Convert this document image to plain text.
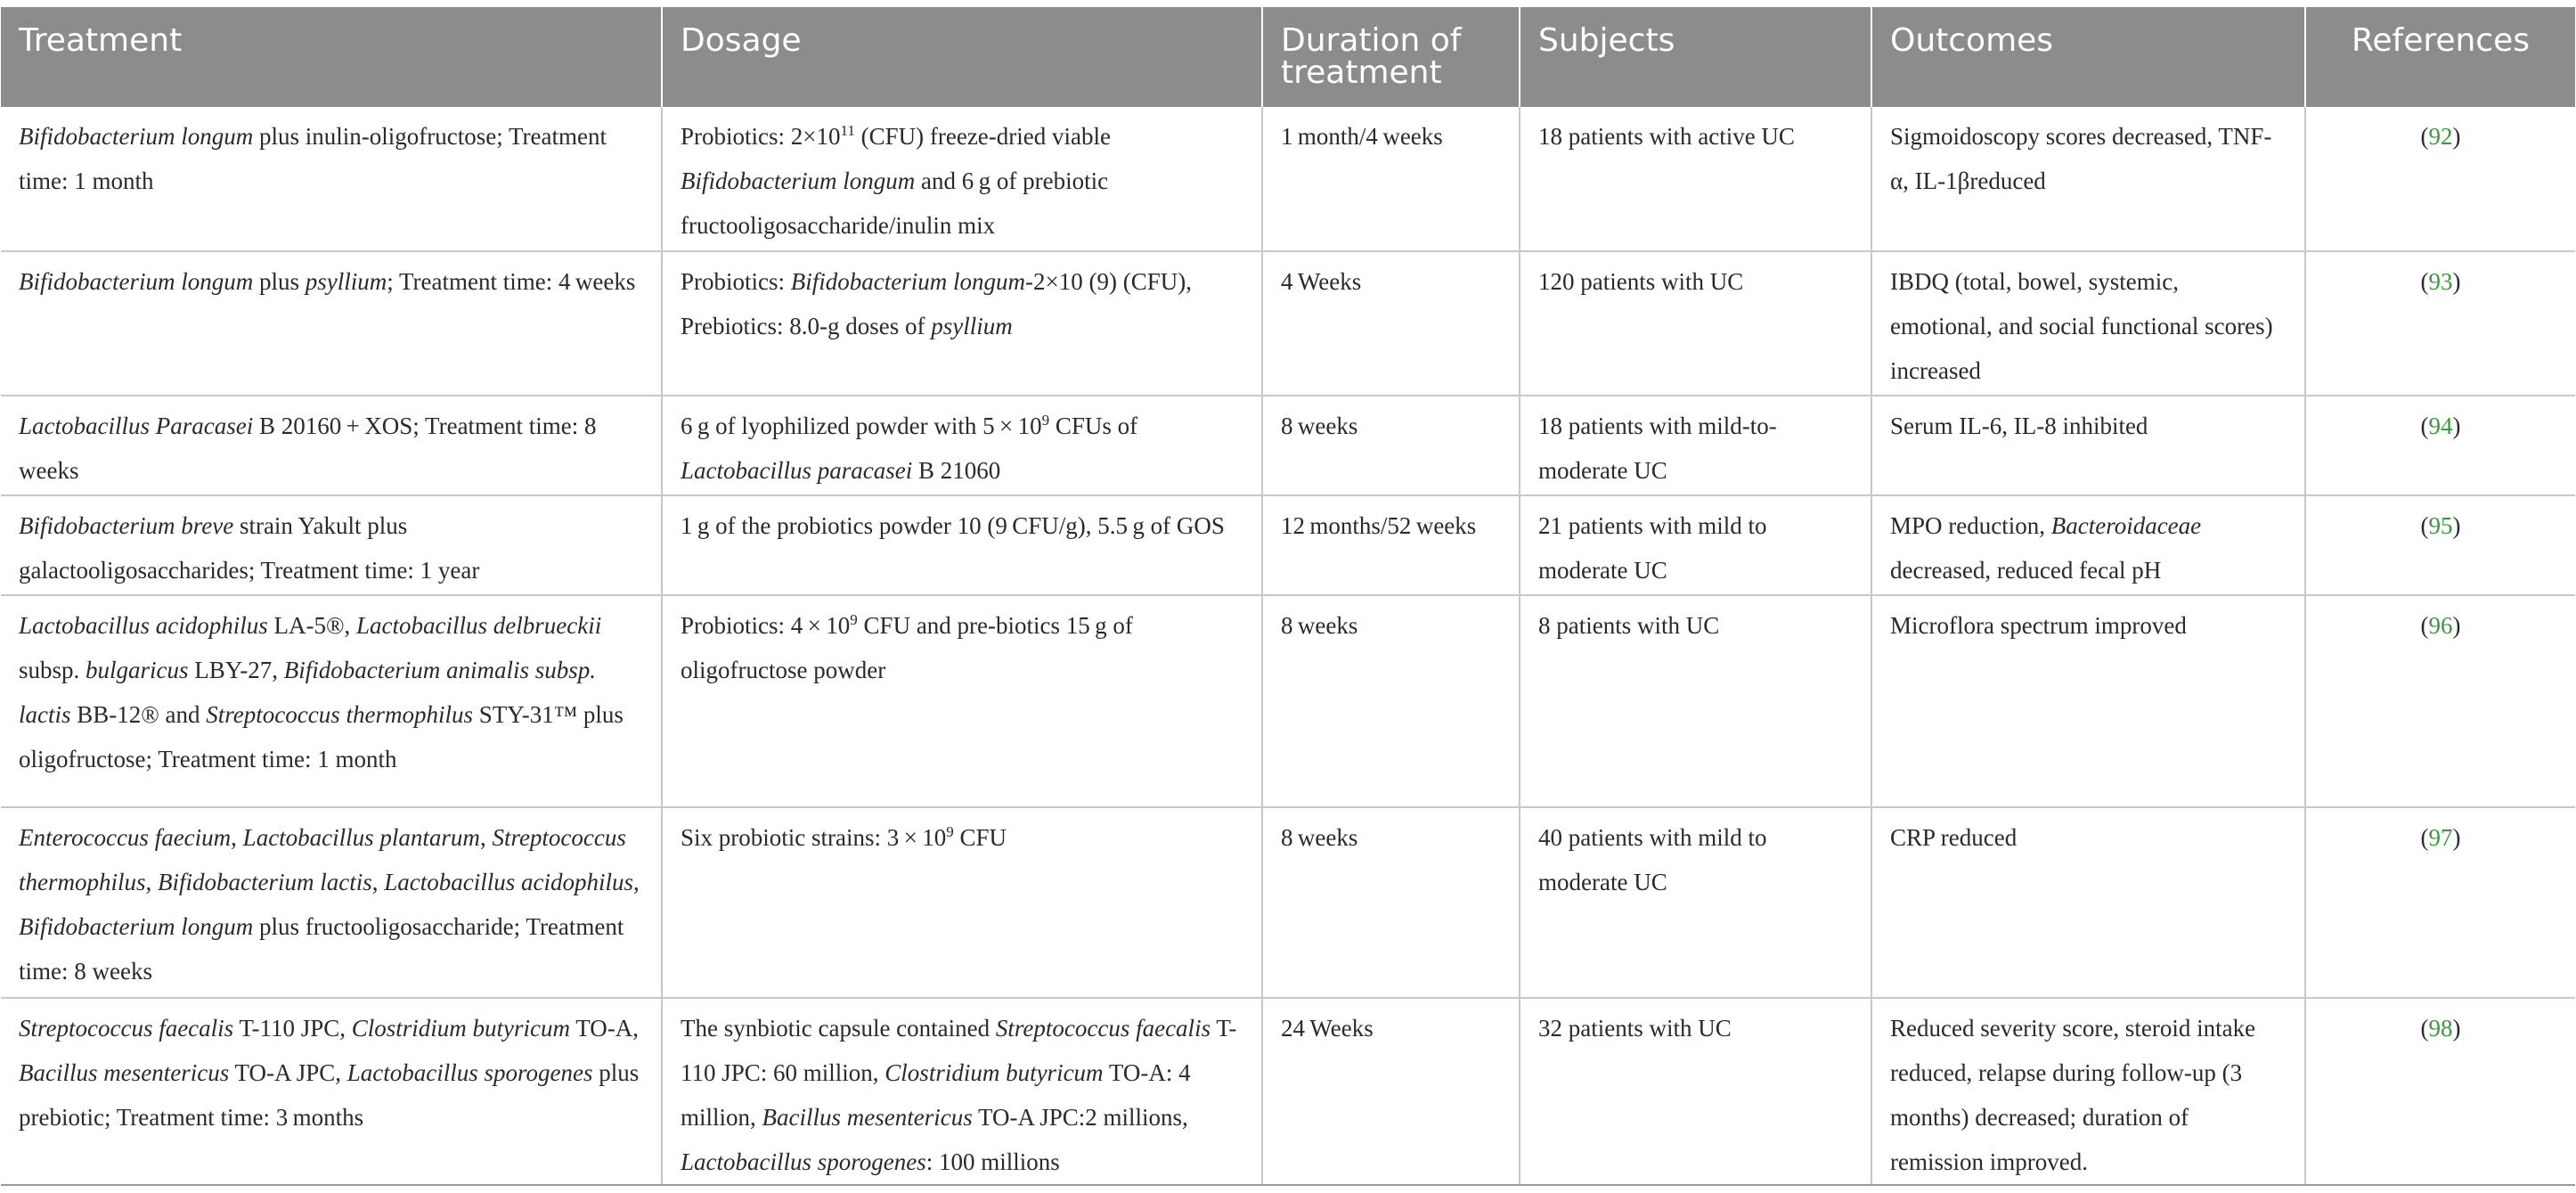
Treatment	Dosage	Duration of treatment	Subjects	Outcomes	References
Bifidobacterium longum plus inulin-oligofructose; Treatment time: 1 month	Probiotics: $2\times 10^{11}$ (CFU) freeze-dried viable Bifidobacterium longum and 6 g of prebiotic fructooligosaccharide/inulin mix	1 month/4 weeks	18 patients with active UC	Sigmoidoscopy scores decreased, TNF-α, IL-1βreduced	(92)
Bifidobacterium longum plus psyllium; Treatment time: 4 weeks	Probiotics: Bifidobacterium longum-2×10 (9) (CFU), Prebiotics: 8.0-g doses of psyllium	4 Weeks	120 patients with UC	IBDQ (total, bowel, systemic, emotional, and social functional scores) increased	(93)
Lactobacillus Paracasei B 20160 + XOS; Treatment time: 8 weeks	6 g of lyophilized powder with $5 \times 10^9$ CFUs of Lactobacillus paracasei B 21060	8 weeks	18 patients with mild-to-moderate UC	Serum IL-6, IL-8 inhibited	(94)
Bifidobacterium breve strain Yakult plus galactooligosaccharides; Treatment time: 1 year	1 g of the probiotics powder 10 (9 CFU/g), 5.5 g of GOS	12 months/52 weeks	21 patients with mild to moderate UC	MPO reduction, Bacteroidaceae decreased, reduced fecal pH	(95)
Lactobacillus acidophilus LA-5®, Lactobacillus delbrueckii subsp. bulgaricus LBY-27, Bifidobacterium animalis subsp. lactis BB-12® and Streptococcus thermophilus STY-31™ plus oligofructose; Treatment time: 1 month	Probiotics: $4 \times 10^9$ CFU and pre-biotics 15 g of oligofructose powder	8 weeks	8 patients with UC	Microflora spectrum improved	(96)
Enterococcus faecium, Lactobacillus plantarum, Streptococcus thermophilus, Bifidobacterium lactis, Lactobacillus acidophilus, Bifidobacterium longum plus fructooligosaccharide; Treatment time: 8 weeks	Six probiotic strains: $3 \times 10^9$ CFU	8 weeks	40 patients with mild to moderate UC	CRP reduced	(97)
Streptococcus faecalis T-110 JPC, Clostridium butyricum TO-A, Bacillus mesentericus TO-A JPC, Lactobacillus sporogenes plus prebiotic; Treatment time: 3 months	The synbiotic capsule contained Streptococcus faecalis T-110 JPC: 60 million, Clostridium butyricum TO-A: 4 million, Bacillus mesentericus TO-A JPC:2 millions, Lactobacillus sporogenes: 100 millions	24 Weeks	32 patients with UC	Reduced severity score, steroid intake reduced, relapse during follow-up (3 months) decreased; duration of remission improved.	(98)
